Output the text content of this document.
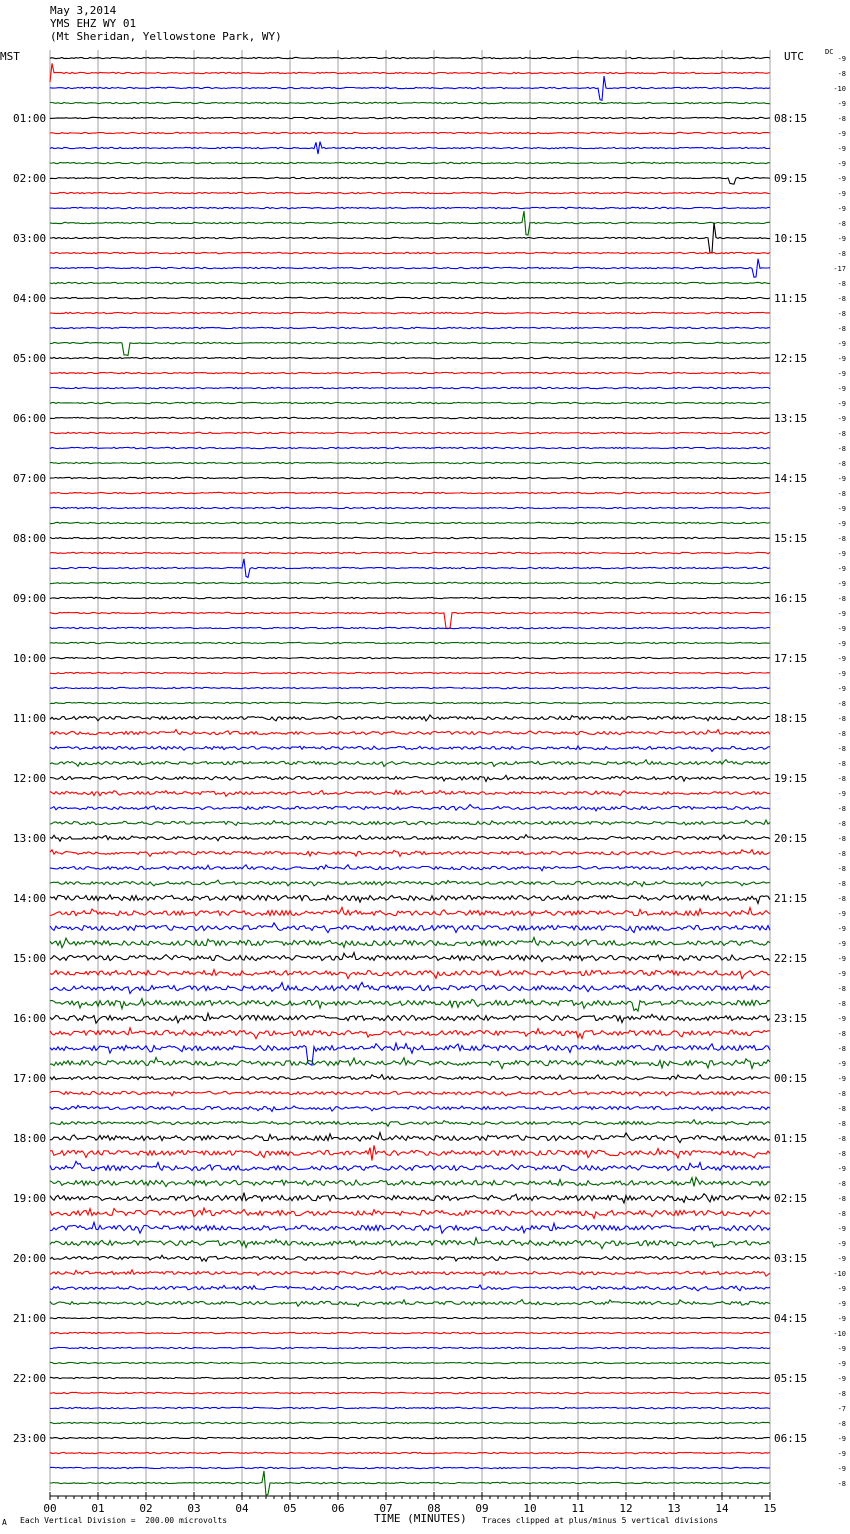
May 3,2014
YMS EHZ WY 01
(Mt Sheridan, Yellowstone Park, WY)
MST	UTC	DC
00	01	02	03	04	05	06	07	08	09	10	11	12	13	14	15
-9
-8
-10
-9
01:00	08:15	-8
-9
-9
-9
02:00	09:15	-9
-9
-9
-8
03:00	10:15	-9
-8
-17
-8
04:00	11:15	-8
-8
-8
-9
05:00	12:15	-9
-9
-9
-9
06:00	13:15	-9
-8
-8
-8
07:00	14:15	-9
-8
-9
-9
08:00	15:15	-8
-9
-9
-9
09:00	16:15	-8
-9
-9
-9
10:00	17:15	-9
-9
-9
-8
11:00	18:15	-8
-8
-8
-8
12:00	19:15	-8
-9
-8
-8
13:00	20:15	-8
-8
-8
-8
14:00	21:15	-8
-9
-9
-9
15:00	22:15	-9
-9
-8
-8
16:00	23:15	-9
-8
-8
-9
17:00	00:15	-9
-8
-8
-8
18:00	01:15	-8
-8
-9
-8
19:00	02:15	-8
-8
-9
-9
20:00	03:15	-9
-10
-9
-9
21:00	04:15	-9
-10
-9
-9
22:00	05:15	-9
-8
-7
-8
23:00	06:15	-9
-9
-9
-8
A Each Vertical Division =  200.00 microvolts	TIME (MINUTES) Traces clipped at plus/minus 5 vertical divisions
